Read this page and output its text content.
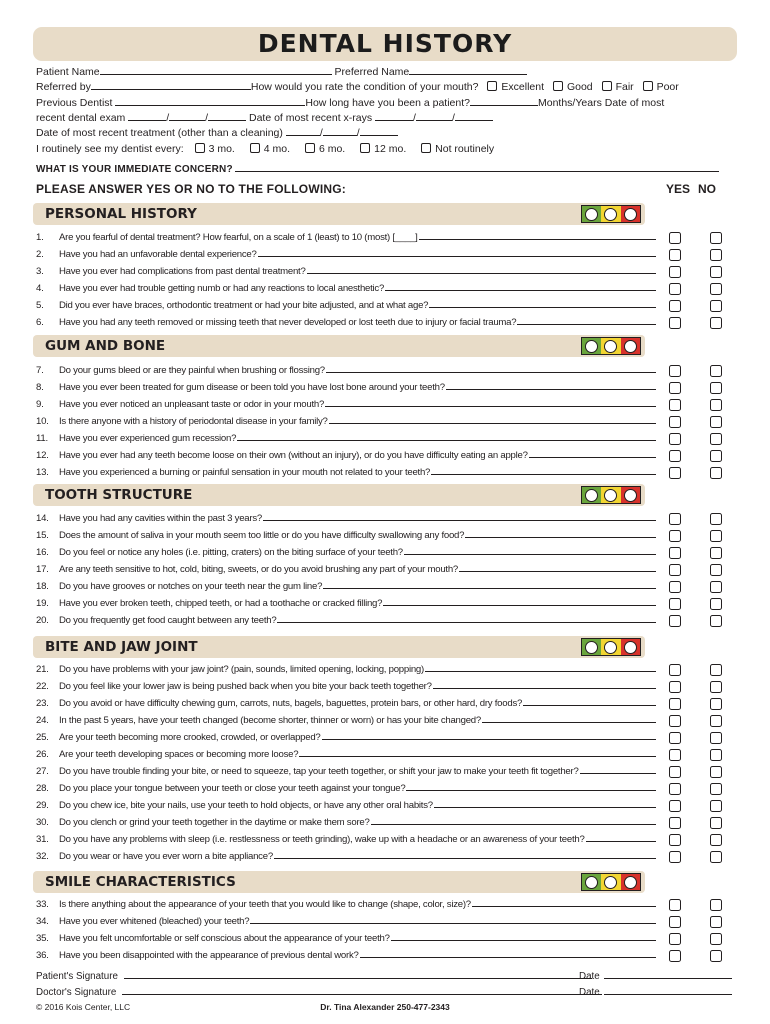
DENTAL HISTORY
Patient Name	Preferred Name
Referred by	How would you rate the condition of your mouth? Excellent Good Fair Poor
Previous Dentist	How long have you been a patient?	Months/Years Date of most
recent dental exam	/	/	Date of most recent x-rays	/	/
Date of most recent treatment (other than a cleaning)	/	/
I routinely see my dentist every: 3 mo.	4 mo.	6 mo.	12 mo.	Not routinely
WHAT IS YOUR IMMEDIATE CONCERN?
PLEASE ANSWER YES OR NO TO THE FOLLOWING:	YES NO
PERSONAL HISTORY
1.	Are you fearful of dental treatment? How fearful, on a scale of 1 (least) to 10 (most) [____]
2.	Have you had an unfavorable dental experience?
3.	Have you ever had complications from past dental treatment?
4.	Have you ever had trouble getting numb or had any reactions to local anesthetic?
5.	Did you ever have braces, orthodontic treatment or had your bite adjusted, and at what age?
6.	Have you had any teeth removed or missing teeth that never developed or lost teeth due to injury or facial trauma?
GUM AND BONE
7.	Do your gums bleed or are they painful when brushing or flossing?
8.	Have you ever been treated for gum disease or been told you have lost bone around your teeth?
9.	Have you ever noticed an unpleasant taste or odor in your mouth?
10.	Is there anyone with a history of periodontal disease in your family?
11.	Have you ever experienced gum recession?
12.	Have you ever had any teeth become loose on their own (without an injury), or do you have difficulty eating an apple?
13.	Have you experienced a burning or painful sensation in your mouth not related to your teeth?
TOOTH STRUCTURE
14.	Have you had any cavities within the past 3 years?
15.	Does the amount of saliva in your mouth seem too little or do you have difficulty swallowing any food?
16.	Do you feel or notice any holes (i.e. pitting, craters) on the biting surface of your teeth?
17.	Are any teeth sensitive to hot, cold, biting, sweets, or do you avoid brushing any part of your mouth?
18.	Do you have grooves or notches on your teeth near the gum line?
19.	Have you ever broken teeth, chipped teeth, or had a toothache or cracked filling?
20.	Do you frequently get food caught between any teeth?
BITE AND JAW JOINT
21.	Do you have problems with your jaw joint? (pain, sounds, limited opening, locking, popping)
22.	Do you feel like your lower jaw is being pushed back when you bite your back teeth together?
23.	Do you avoid or have difficulty chewing gum, carrots, nuts, bagels, baguettes, protein bars, or other hard, dry foods?
24.	In the past 5 years, have your teeth changed (become shorter, thinner or worn) or has your bite changed?
25.	Are your teeth becoming more crooked, crowded, or overlapped?
26.	Are your teeth developing spaces or becoming more loose?
27.	Do you have trouble finding your bite, or need to squeeze, tap your teeth together, or shift your jaw to make your teeth fit together?
28.	Do you place your tongue between your teeth or close your teeth against your tongue?
29.	Do you chew ice, bite your nails, use your teeth to hold objects, or have any other oral habits?
30.	Do you clench or grind your teeth together in the daytime or make them sore?
31.	Do you have any problems with sleep (i.e. restlessness or teeth grinding), wake up with a headache or an awareness of your teeth?
32.	Do you wear or have you ever worn a bite appliance?
SMILE CHARACTERISTICS
33.	Is there anything about the appearance of your teeth that you would like to change (shape, color, size)?
34.	Have you ever whitened (bleached) your teeth?
35.	Have you felt uncomfortable or self conscious about the appearance of your teeth?
36.	Have you been disappointed with the appearance of previous dental work?
Patient's Signature	Date
Doctor's Signature	Date
© 2016 Kois Center, LLC	Dr. Tina Alexander 250-477-2343
